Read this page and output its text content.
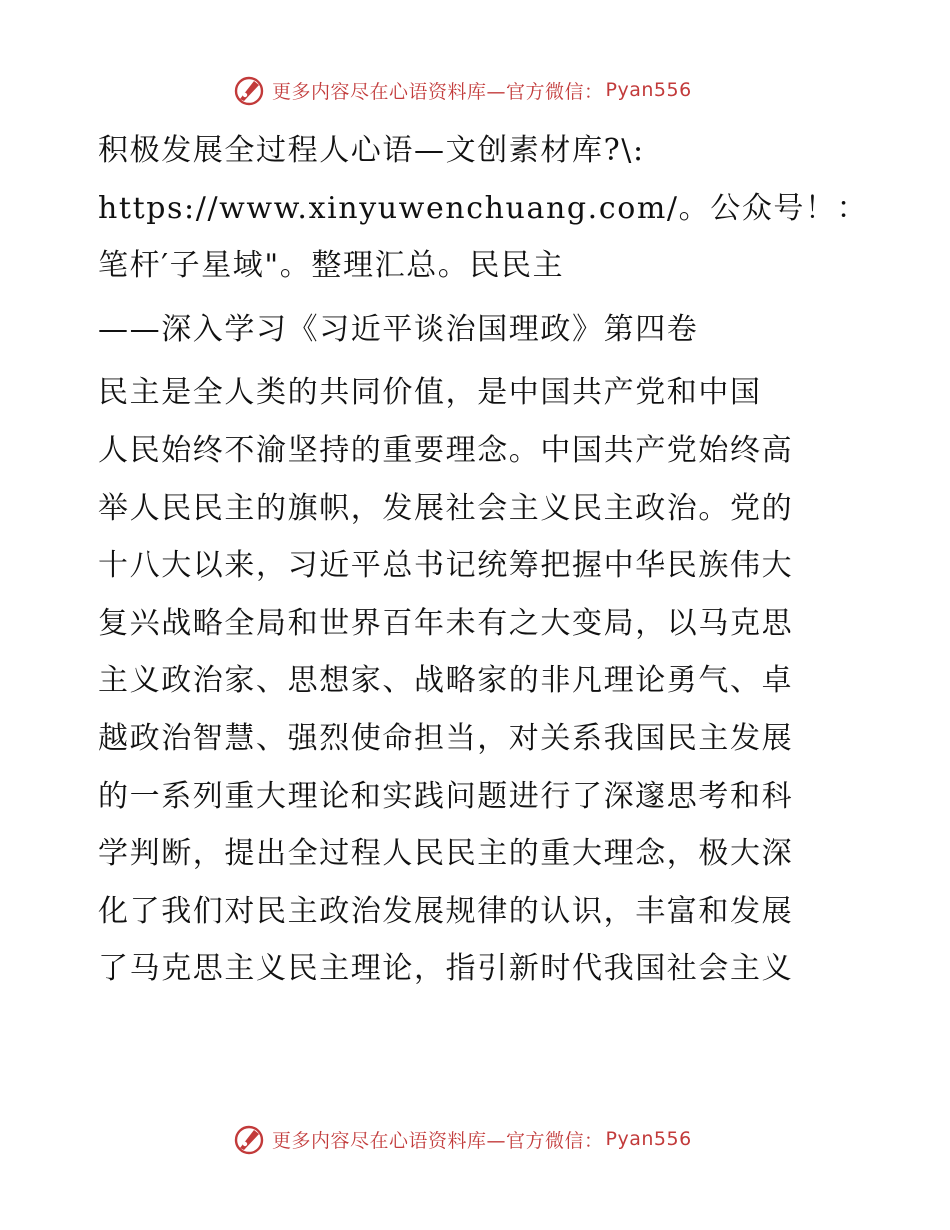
更多内容尽在心语资料库—官方微信： Pyan556
积极发展全过程人心语—文创素材库?\:
https://www.xinyuwenchuang.com/。公众号！：
笔杆′子星域"。整理汇总。民民主
——深入学习《习近平谈治国理政》第四卷
民主是全人类的共同价值，是中国共产党和中国
人民始终不渝坚持的重要理念。中国共产党始终高
举人民民主的旗帜，发展社会主义民主政治。党的
十八大以来，习近平总书记统筹把握中华民族伟大
复兴战略全局和世界百年未有之大变局，以马克思
主义政治家、思想家、战略家的非凡理论勇气、卓
越政治智慧、强烈使命担当，对关系我国民主发展
的一系列重大理论和实践问题进行了深邃思考和科
学判断，提出全过程人民民主的重大理念，极大深
化了我们对民主政治发展规律的认识，丰富和发展
了马克思主义民主理论，指引新时代我国社会主义
更多内容尽在心语资料库—官方微信： Pyan556
